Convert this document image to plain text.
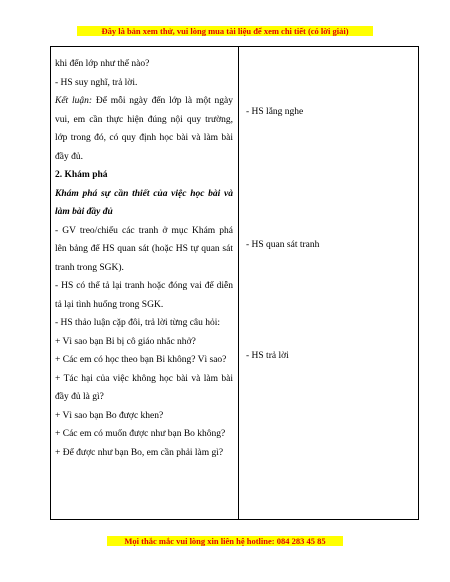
Đây là bản xem thử, vui lòng mua tài liệu để xem chi tiết (có lời giải)

khi đến lớp như thế nào?

- HS suy nghĩ, trả lời.

Kết luận: Để mỗi ngày đến lớp là một ngày vui, em cần thực hiện đúng nội quy trường, lớp trong đó, có quy định học bài và làm bài đầy đủ.

2. Khám phá

Khám phá sự cần thiết của việc học bài và làm bài đầy đủ

- GV treo/chiếu các tranh ở mục Khám phá lên bảng để HS quan sát (hoặc HS tự quan sát tranh trong SGK).

- HS có thể tả lại tranh hoặc đóng vai để diễn tả lại tình huống trong SGK.

- HS thảo luận cặp đôi, trả lời từng câu hỏi:

+ Vì sao bạn Bi bị cô giáo nhắc nhở?

+ Các em có học theo bạn Bi không? Vì sao?

+ Tác hại của việc không học bài và làm bài đầy đủ là gì?

+ Vì sao bạn Bo được khen?

+ Các em có muốn được như bạn Bo không?

+ Để được như bạn Bo, em cần phải làm gì?

- HS lắng nghe
- HS quan sát tranh
- HS trả lời
Mọi thắc mắc vui lòng xin liên hệ hotline: 084 283 45 85
